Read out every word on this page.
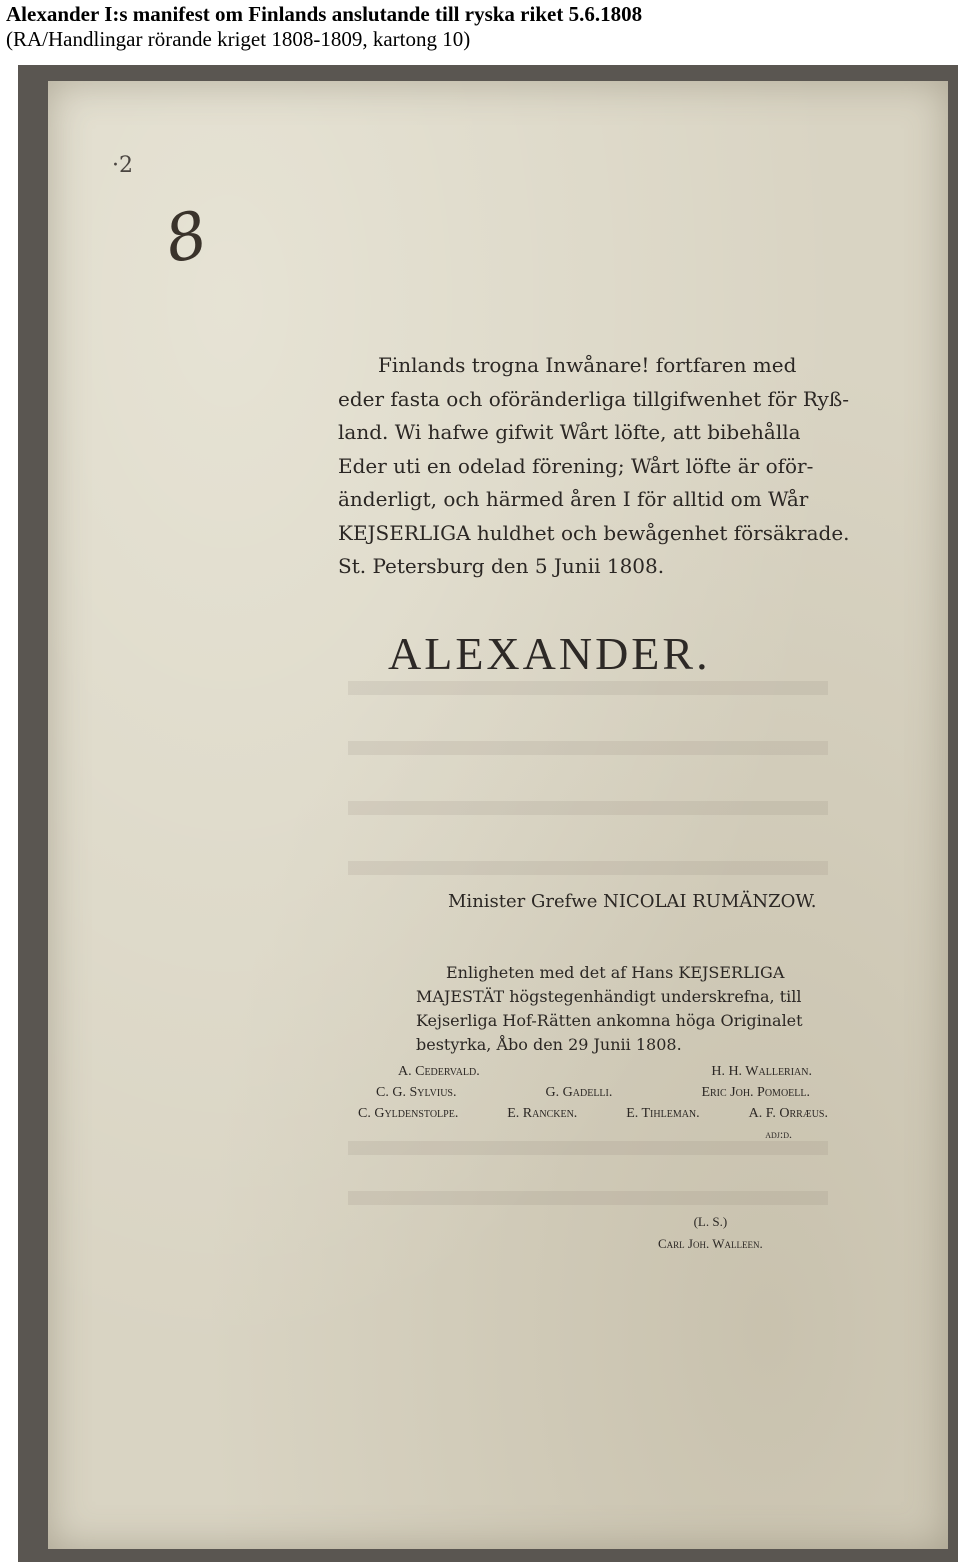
Alexander I:s manifest om Finlands anslutande till ryska riket 5.6.1808
(RA/Handlingar rörande kriget 1808-1809, kartong 10)
·2
8
Finlands trogna Inwånare! fortfaren med
eder fasta och oföränderliga tillgifwenhet för Ryß-
land. Wi hafwe gifwit Wårt löfte, att bibehålla
Eder uti en odelad förening; Wårt löfte är oför-
änderligt, och härmed åren I för alltid om Wår
KEJSERLIGA huldhet och bewågenhet försäkrade.
St. Petersburg den 5 Junii 1808.
ALEXANDER.
Minister Grefwe NICOLAI RUMÄNZOW.
Enligheten med det af Hans KEJSERLIGA
MAJESTÄT högstegenhändigt underskrefna, till
Kejserliga Hof-Rätten ankomna höga Originalet
bestyrka, Åbo den 29 Junii 1808.
A. Cedervald.	H. H. Wallerian.
C. G. Sylvius.	G. Gadelli.	Eric Joh. Pomoell.
C. Gyldenstolpe.	E. Rancken.	E. Tihleman.	A. F. Orræus.
adj:d.
(L. S.)
Carl Joh. Walleen.
